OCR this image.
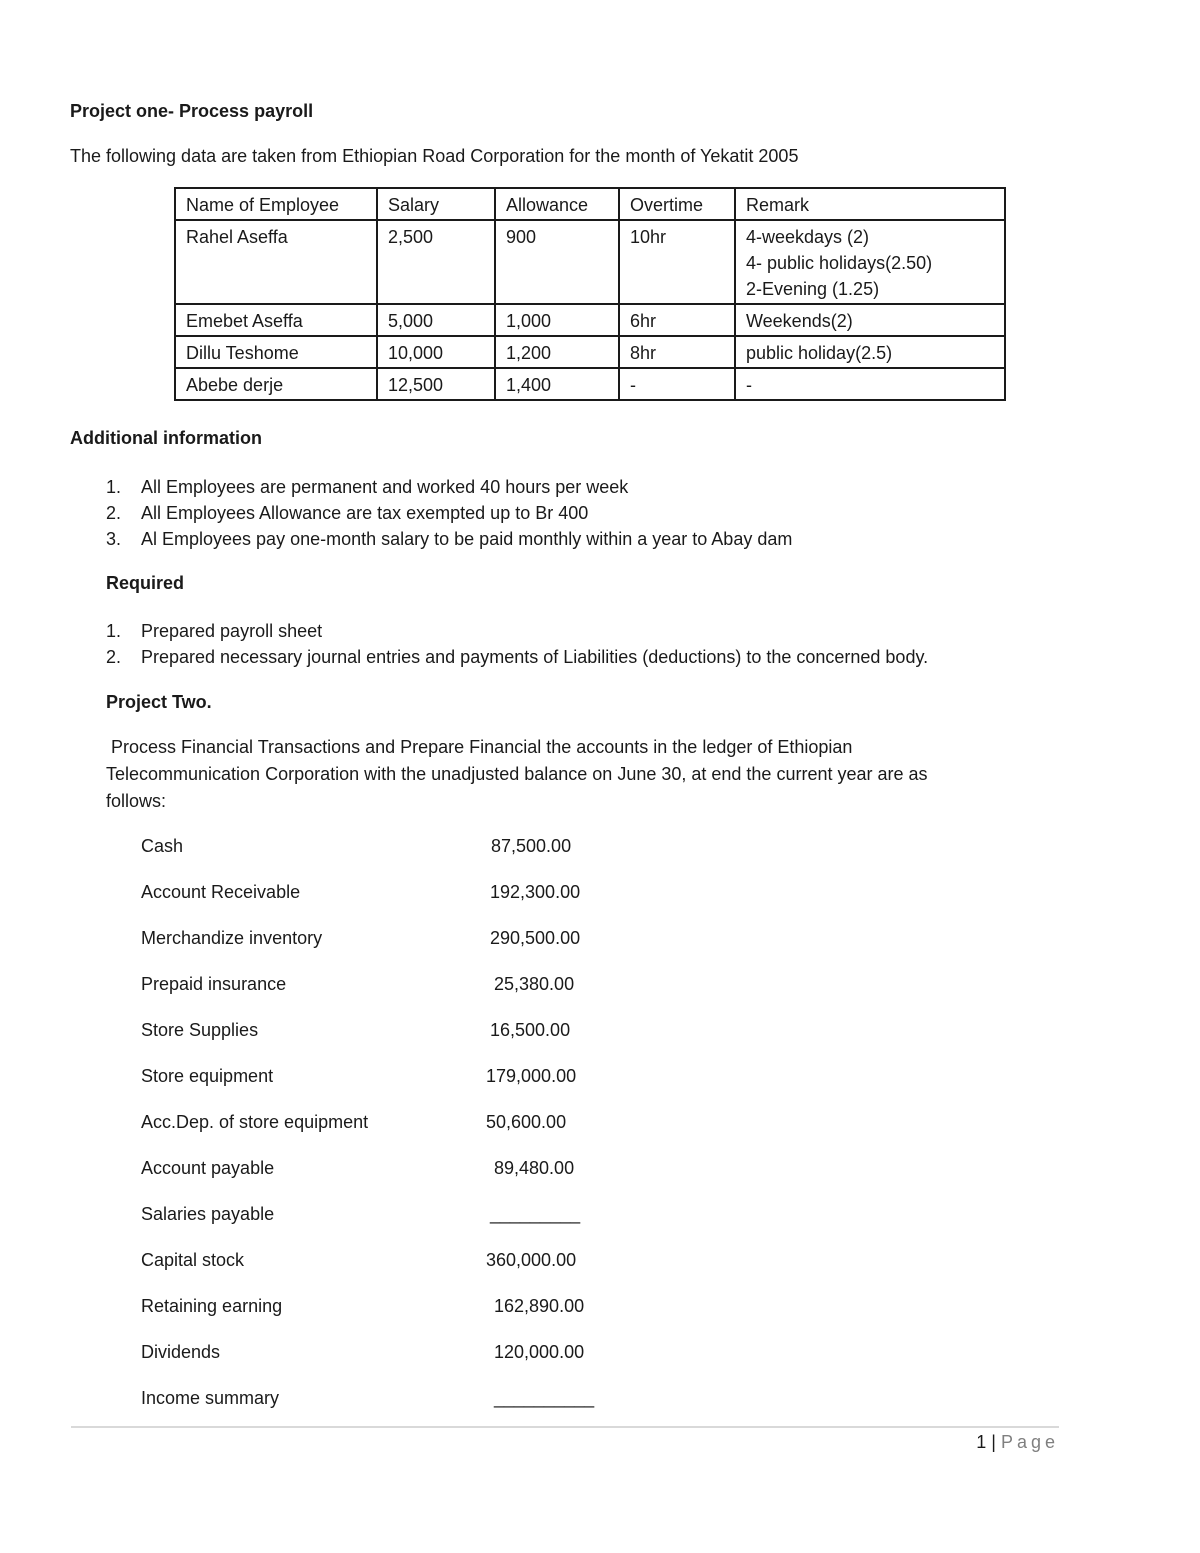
Project one- Process payroll
The following data are taken from Ethiopian Road Corporation for the month of Yekatit 2005
Name of Employee	Salary	Allowance	Overtime	Remark
Rahel Aseffa	2,500	900	10hr	4-weekdays (2)
4- public holidays(2.50)
2-Evening (1.25)

Emebet Aseffa	5,000	1,000	6hr	Weekends(2)
Dillu Teshome	10,000	1,200	8hr	public holiday(2.5)
Abebe derje	12,500	1,400	-	-
Additional information
1.	All Employees are permanent and worked 40 hours per week
2.	All Employees Allowance are tax exempted up to Br 400
3.	Al Employees pay one-month salary to be paid monthly within a year to Abay dam
Required
1.	Prepared payroll sheet
2.	Prepared necessary journal entries and payments of Liabilities (deductions) to the concerned body.
Project Two.
Process Financial Transactions and Prepare Financial the accounts in the ledger of Ethiopian
Telecommunication Corporation with the unadjusted balance on June 30, at end the current year are as
follows:
Cash	87,500.00
Account Receivable	192,300.00
Merchandize inventory	290,500.00
Prepaid insurance	25,380.00
Store Supplies	16,500.00
Store equipment	179,000.00
Acc.Dep. of store equipment	50,600.00
Account payable	89,480.00
Salaries payable	_________
Capital stock	360,000.00
Retaining earning	162,890.00
Dividends	120,000.00
Income summary	__________
1 | Page
